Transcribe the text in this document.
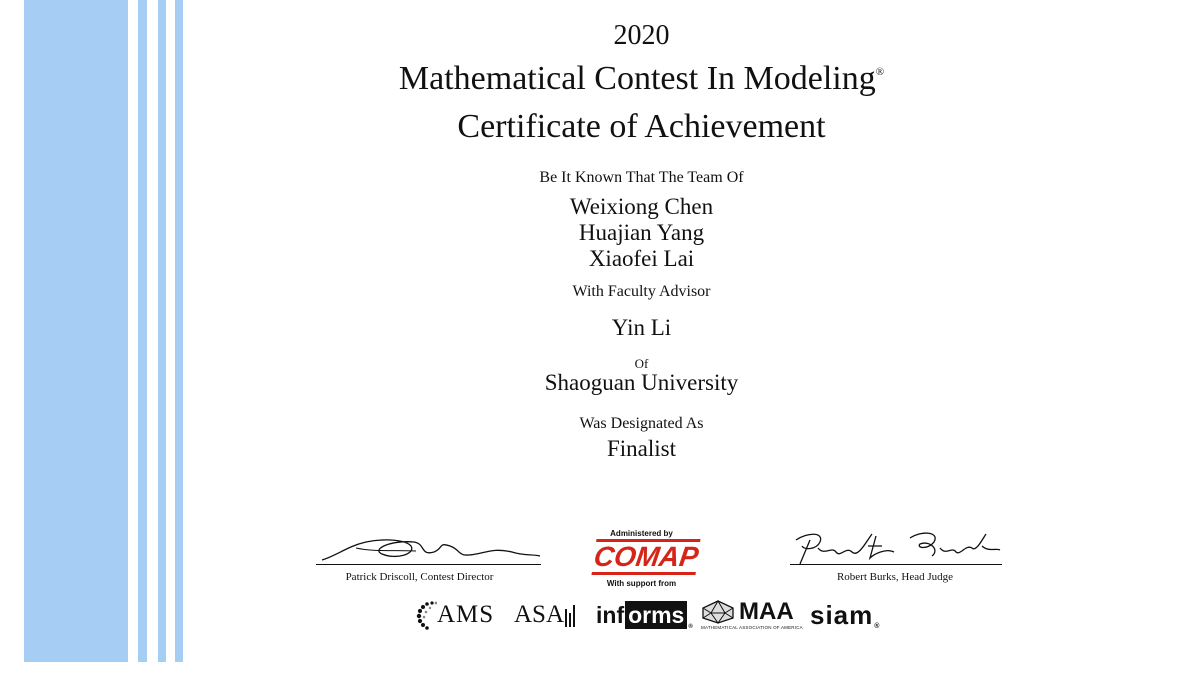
2020
Mathematical Contest In Modeling®
Certificate of Achievement
Be It Known That The Team Of
Weixiong Chen
Huajian Yang
Xiaofei Lai
With Faculty Advisor
Yin Li
Of
Shaoguan University
Was Designated As
Finalist
Patrick Driscoll, Contest Director
Administered by
COMAP
With support from
Robert Burks, Head Judge
AMS ASA inf orms ®
MAA
MATHEMATICAL ASSOCIATION OF AMERICA siam ®
